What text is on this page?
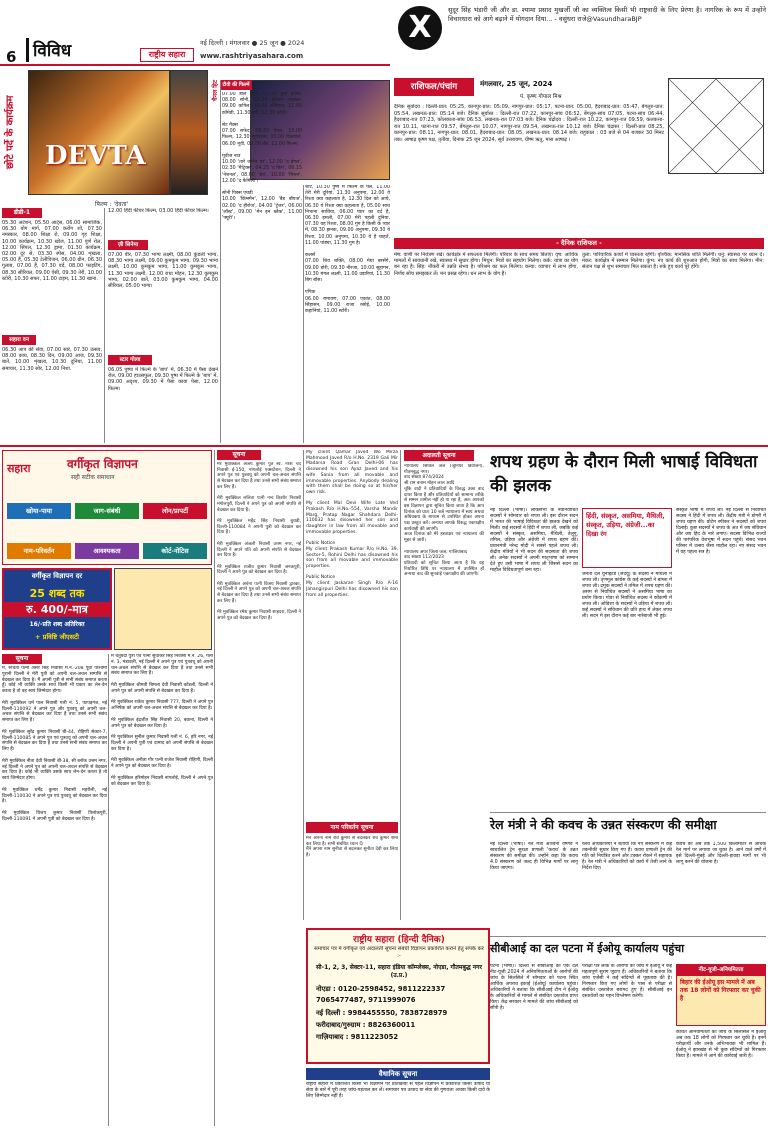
6 विविध	नई दिल्ली । मंगलवार ● 25 जून ● 2024
राष्ट्रीय सहारा	www.rashtriyasahara.com
X	सुदूर सिंह भंडारी जी और डा. श्यामा प्रसाद मुखर्जी जी का व्यक्तित्व किसी भी राष्ट्रवादी के लिए प्रेरणा है। नागरिक के रूप में उन्होंने विचारधारा को आगे बढ़ाने में योगदान दिया... - वसुंधरा राजे@VasundharaBJP
छोटे पर्दे के कार्यक्रम	DEVTA
फिल्म : 'देवता'
चैनल हिट टीवी की फिल्में
डीडी-1
05.30 अटेंशन, 05.50 आर्ट्स, 06.00 सामाजिक, 06.30 योग मार्ग, 07.00 करोंग शो, 07.30 नमस्कार, 08.00 शिक्षा रो, 09.00 गृह शिक्षा, 10.00 कार्यक्रम, 10.30 खोज, 11.00 पूर्ण रोल, 12.00 सिंपल, 12.30 ड्रामा, 01.30 कार्यक्रम, 02.00 दूर से, 03.30 स्पेस, 04.00 शृंखला, 05.00 हैं, 05.30 टेलीविजन, 06.00 ग्रीन, 06.30 गुलाब, 07.00 हैं, 07.30 वर्ड, 08.00 फाइटिंग, 08.30 सीरियल, 09.00 ऐसी, 09.30 तेरी, 10.00 स्टोरी, 10.30 सफर, 11.00 टाइम, 11.30 खाना.
सहारा वन
06.30 आप की सेवा, 07.00 सारे, 07.30 उत्सव, 08.00 काय, 08.30 दिन, 09.00 आज, 09.30 बातें, 10.00 शृंखला, 10.30 दुनिया, 11.00 समाचार, 11.30 सोर, 12.00 निशा.
12.00 हिंदी फीचर फिल्म, 03.00 हिंदी फीचर फिल्म।
ज़ी सिनेमा
07.00 वीर, 07.30 भाग्य लक्ष्मी, 08.00 कुंडली भाग्य, 08.30 भाग्य लक्ष्मी, 09.00 कुमकुम भाग्य, 09.30 भाग्य लक्ष्मी, 10.00 कुमकुम भाग्य, 11.00 कुमकुम भाग्य, 11.30 भाग्य लक्ष्मी, 12.00 राधा मोहन, 12.30 कुमकुम भाग्य, 02.00 बातें, 03.00 कुमकुम भाग्य, 04.00 सीरियल, 05.00 भाग्य।
स्टार गोल्ड
06.05 पुष्पा में फिल्मे के 'बाप' में, 06.30 में पैसा देखने रोल, 09.00 हाउसफुल, 09.30 पुष्प में फिल्मे के 'बाप' में, 09.00 अदृश्य, 09.30 में पैसा काया पेसा, 12.00 फिल्म।
07.00 डील सेलर, 07.30 फुल हाउस, 08.00 सोनी, 08.30 इंडियन आइडल, 09.00 कपिल, 10.00 सीरियल, 11.00 कॉमेडी, 11.30 बड़ी, 12.30 स्टोरी।

सेट मैक्स
07.00 सफेद, 09.30 चैनल, 10.00 फिल्म, 12.30 सूर्यवंशम, 03.00 दिलवाले, 06.00 मूवी, 09.00 वीर, 12.00 फिल्म।

मूवीज नाउ
10.00 'तारे जमीन पर', 12.00 'द ईगल', 02.30 'मैट्रिक्स', 04.25 'द किंग', 06.15 'नेशनल', 08.00 'डेथ', 10.00 'मिशन', 12.00 'द फैमिली'।

सोनी पिक्स एचडी
10.00 'किंग्स्मैन', 12.00 'बैड बॉयज', 02.00 'द हीरोज', 04.00 'ट्रेजर', 06.00 'लॉस्ट', 09.00 'मेन इन ब्लैक', 11.00 'फ्यूरी'।
शॉर्ट, 10.30 पुष्प में फिल्मे के पल, 11.00 तेरी मेरी दूरियां, 11.30 अनुपमा, 12.00 ये रिश्ता क्या कहलाता है, 12.30 दिल को आये, 06.30 ये रिश्ता क्या कहलाता है, 05.00 साथ निभाना साथिया, 06.00 प्यार का दर्द है, 06.30 इमली, 07.00 मेरी पहली दुनिया, 07.30 यह रिश्ता, 08.00 गुम है किसी के प्यार में, 08.30 झनक, 09.00 अनुपमा, 09.30 ये रिश्ता, 10.00 अनुपमा, 10.30 ये है चाहतें, 11.00 पांड्या, 11.30 गुम है।

कलर्स
07.00 शिव शक्ति, 08.00 मेघा बरसेंगे, 09.00 डोरी, 09.30 नीरजा, 10.00 सुहागन, 10.30 मंगल लक्ष्मी, 11.00 उड़ारियां, 11.30 बिग बॉस।

एपिक
06.00 रामायण, 07.00 एकांत, 08.00 सिंहासन, 09.00 राजा रसोई, 10.00 कहानियां, 11.00 स्टोरी।
राशिफल/पंचांग	मंगलवार, 25 जून, 2024
पं. कृष्ण गोपाल मिश्र
दैनिक सूर्योदय : दिल्ली-प्रात: 05:25, कानपुर-प्रात: 05:09, नागपुर-प्रात: 05:17, पटना-प्रात: 05:00, हैदराबाद-प्रात: 05:47, बेंगलुरु-प्रात: 05:54, लखनऊ-प्रात: 05:14 बजे। दैनिक सूर्यास्त : दिल्ली-रात 07:22, कानपुर-सांय 06:52, बेंगलुरु-सांय 07:05, पटना-सांय 06:44, हैदराबाद-रात 07:23, कोलकाता-सांय 06:53, लखनऊ-रात 07:03 बजे। दैनिक चंद्रोदय : दिल्ली-रात 10.22, कानपुर-रात 09.59, कलकत्ता-रात 10.11, पटना-रात 09.57, बेंगलुरु-रात 10.07, नागपुर-रात 09.54, लखनऊ-रात 10.12 बजे। दैनिक चंद्रास्त : दिल्ली-प्रात 08.25, कानपुर-प्रात: 08.11, नागपुर-प्रात: 08.01, हैदराबाद-प्रात: 08.05, लखनऊ-प्रात: 08.14 बजे। राहुकाल : 03 बजे से 04 बजकर 30 मिनट तक। आषाढ़ कृष्ण पक्ष, तृतीया, दिनांक 25 जून 2024, सूर्य उत्तरायण, ग्रीष्म ऋतु, मास आषाढ़ ।
- दैनिक राशिफल -
मेष: वाणी पर नियंत्रण रखें। कार्यक्षेत्र में सफलता मिलेगी। परिवार के साथ समय बिताएं। वृष: आर्थिक मामलों में सावधानी रखें, स्वास्थ्य में सुधार होगा। मिथुन: मित्रों का सहयोग मिलेगा। कर्क: यात्रा का योग बन रहा है। सिंह: नौकरी में उन्नति संभव है। परिश्रम का फल मिलेगा। कन्या: व्यापार में लाभ होगा, निर्णय सोच समझकर लें। मन प्रसन्न रहेगा। धन लाभ के योग हैं।
तुला: पारिवारिक कार्यों में व्यस्तता रहेगी। वृश्चिक: मानसिक शांति मिलेगी। धनु: स्वास्थ्य पर ध्यान दें। मकर: कार्यक्षेत्र में सम्मान मिलेगा। कुंभ: नए कार्य की शुरुआत होगी, मित्रों का साथ मिलेगा। मीन: संतान पक्ष से शुभ समाचार मिल सकता है। रुके हुए कार्य पूरे होंगे।
वर्गीकृत विज्ञापन
सहारा
सही सटीक समाधान
खोया-पाया	जाग-संबंधी	लोन/प्रापर्टी
नाम-परिवर्तन	आवश्यकता	कोर्ट-नोटिस
वर्गीकृत विज्ञापन दर
25 शब्द तक
रु. 400/-मात्र
16/-प्रति शब्द अतिरिक्त
+ प्रविष्टि जीएसटी
सूचना
में, रुचिता पत्नी असर सिंह निवासी म.नं.-208 पूर्वी पश्चिमी पुरानी दिल्ली ने मेरी पुत्री को अपनी चल-अचल सम्पत्ति से बेदखल कर दिया है। मैं अपनी पुत्री से सभी संबंध समाप्त करता हूँ। कोई भी व्यक्ति उसके साथ किसी भी प्रकार का लेन-देन करता है तो वह स्वयं जिम्मेदार होगा।

मेरी मुवक्किल धर्म पाल निवासी गली नं. 5, पटपड़गंज, नई दिल्ली-110092 ने अपने पुत्र और पुत्रवधू को अपनी चल-अचल संपत्ति से बेदखल कर दिया है तथा उनसे सभी संबंध समाप्त कर लिए हैं।

मेरे मुवक्किल सुरेंद्र कुमार निवासी बी-44, रोहिणी सेक्टर-7, दिल्ली-110085 ने अपने पुत्र एवं पुत्रवधू को अपनी चल-अचल संपत्ति से बेदखल कर दिया है तथा उनसे सभी संबंध समाप्त कर लिए हैं।

मेरी मुवक्किल नीता देवी निवासी बी-38, सी ब्लॉक उत्तम नगर, नई दिल्ली ने अपने पुत्र को अपनी चल-अचल संपत्ति से बेदखल कर दिया है। कोई भी व्यक्ति उसके साथ लेन-देन करता है तो स्वयं जिम्मेदार होगा।

मेरे मुवक्किल धर्मेंद्र कुमार निवासी महरौली, नई दिल्ली-110030 ने अपने पुत्र एवं पुत्रवधू को बेदखल कर दिया है।

मेरे मुवक्किल विजय कुमार निवासी त्रिलोकपुरी, दिल्ली-110091 ने अपनी पुत्री को बेदखल कर दिया है।
मैं चतुर्वेदी पुत्री एवं पत्नी सुधाकर सिंह निवासी मं.नं. 26, गली नं. 3, मंडावली, नई दिल्ली ने अपने पुत्र एवं पुत्रवधू को अपनी चल-अचल संपत्ति से बेदखल कर दिया है तथा उनसे सभी संबंध समाप्त कर लिए हैं।

मेरी मुवक्किल श्रीमती बिमला देवी निवासी कोंडली, दिल्ली ने अपने पुत्र को अपनी संपत्ति से बेदखल कर दिया है।

मेरे मुवक्किल राकेश कुमार निवासी 777, दिल्ली ने अपने पुत्र अभिषेक को अपनी चल-अचल संपत्ति से बेदखल कर दिया है।

मेरे मुवक्किल इंद्रजीत सिंह निवासी 20, बवाना, दिल्ली ने अपने पुत्र को बेदखल कर दिया है।

मेरे मुवक्किल सुनील कुमार निवासी गली नं. 6, हरि नगर, नई दिल्ली ने अपनी पुत्री एवं दामाद को अपनी संपत्ति से बेदखल कर दिया है।

मेरी मुवक्किल अनीता गौर पत्नी राजेश निवासी रोहिणी, दिल्ली ने अपने पुत्र को बेदखल कर दिया है।

मेरे मुवक्किल हरिमोहन निवासी नांगलोई, दिल्ली ने अपने पुत्र को बेदखल कर दिया है।
सूचना
मेरे मुवक्किल अजय कुमार पुत्र स्व. नरेश चंद निवासी ई-150, नांगलोई एक्सटेंशन, दिल्ली ने अपने पुत्र एवं पुत्रवधू को अपनी चल-अचल संपत्ति से बेदखल कर दिया है तथा उनसे सभी संबंध समाप्त कर लिए हैं।

मेरी मुवक्किल ललिता पत्नी नन्द किशोर निवासी मंगोलपुरी, दिल्ली ने अपने पुत्र को अपनी संपत्ति से बेदखल कर दिया है।

मेरे मुवक्किल महेंद्र सिंह निवासी बुराड़ी, दिल्ली-110084 ने अपनी पुत्री को बेदखल कर दिया है।

मेरी मुवक्किल अंजली निवासी उत्तम नगर, नई दिल्ली ने अपने पति को अपनी संपत्ति से बेदखल कर दिया है।

मेरे मुवक्किल राजीव कुमार निवासी जनकपुरी, दिल्ली ने अपने पुत्र को बेदखल कर दिया है।

मेरी मुवक्किल अर्चना पत्नी विजय निवासी द्वारका, नई दिल्ली ने अपने पुत्र को अपनी चल-अचल संपत्ति से बेदखल कर दिया है तथा उनसे सभी संबंध समाप्त कर लिए हैं।

मेरे मुवक्किल रमेश कुमार निवासी शाहदरा, दिल्ली ने अपने पुत्र को बेदखल कर दिया है।
My client Qamar Javed Wo Mirza Mahmood Javed R/o H.No. 2319 Gali Mir Madarsa Road Gran Delhi-06 has disowned his son Ayaz Javed and his wife Sania from all movable and immovable properties. Anybody dealing with them shall be doing so at his/her own risk.

My client Mal Devi Wife Late Ved Prakash R/o H.No.-554, Varsha Mandir Marg, Pratap Nagar Shahdara Delhi-110032 has disowned her son and daughter in law from all movable and immovable properties.

Public Notice
My client Prakash Kumar R/o H.No. 39, Sector-5, Rohini Delhi has disowned his son from all movable and immovable properties.

Public Notice
My client Jaskaran Singh R/o A-16 Jahangirpuri Delhi has disowned his son from all properties.
नाम परिवर्तन सूचना
मैंने अपना नाम रवि कुमार से बदलकर रवि कुमार शर्मा कर लिया है। सभी संबंधित ध्यान दें।
मैंने अपना नाम सुनीता से बदलकर सुनीता देवी कर लिया है।
अदालती सूचना
न्यायालय सिविल जज (जूनियर डिवीजन), गौतमबुद्ध नगर।
वाद संख्या 874/2024
श्री राम बनाम मोहन लाल आदि
चूंकि वादी ने प्रतिवादियों के विरुद्ध उक्त वाद दायर किया है और प्रतिवादियों को सामान्य तरीके से सम्मन तामील नहीं हो पा रहा है, अतः आपको इस विज्ञापन द्वारा सूचित किया जाता है कि आप दिनांक को प्रातः 10 बजे न्यायालय में स्वयं अथवा अधिवक्ता के माध्यम से उपस्थित होकर अपना पक्ष प्रस्तुत करें। अन्यथा आपके विरुद्ध एकपक्षीय कार्यवाही की जाएगी।
आज दिनांक को मेरे हस्ताक्षर एवं न्यायालय की मुहर से जारी।

न्यायालय अपर जिला जज, गाजियाबाद
वाद संख्या 112/2023
प्रतिवादी को सूचित किया जाता है कि वह निर्धारित तिथि पर न्यायालय में उपस्थित हों अन्यथा वाद की सुनवाई एकपक्षीय की जाएगी।
राष्ट्रीय सहारा (हिन्दी दैनिक)
समाचार पत्र में वर्गीकृत एवं अदालती सूचना संबंधी विज्ञापन प्रकाशित कराने हेतु संपर्क करें :-
सी-1, 2, 3, सेक्टर-11, सहारा इंडिया कॉम्प्लेक्स, नोएडा, गौतमबुद्ध नगर (उ.प्र.)
नोएडा : 0120-2598452, 9811222337
7065477487, 9711999076
नई दिल्ली : 9984455550, 7838728979
फरीदाबाद/गुरुग्राम : 8826360011
गाज़ियाबाद : 9811223052
वैधानिक सूचना
राष्ट्रीय सहारा में प्रकाशित किसी भी विज्ञापन पर प्रतिक्रिया से पहले विज्ञापन में प्रकाशित किसी उत्पाद या सेवा के बारे में पूरी तरह जांच-पड़ताल कर लें। समाचार पत्र उत्पाद या सेवा की गुणवत्ता अथवा किसी दावे के लिए जिम्मेदार नहीं है।
शपथ ग्रहण के दौरान मिली भाषाई विविधता की झलक
नई दिल्ली (भाषा)। लोकसभा के नवनिर्वाचित सदस्यों ने सोमवार को शपथ ली। इस दौरान सदन में भारत की भाषाई विविधता की झलक देखने को मिली। कई सदस्यों ने हिंदी में शपथ ली, जबकि कई सदस्यों ने संस्कृत, असमिया, मैथिली, तेलुगु, तमिल, उड़िया और अंग्रेजी में शपथ ग्रहण की। प्रधानमंत्री नरेन्द्र मोदी ने सबसे पहले शपथ ली। केंद्रीय मंत्रियों ने भी सदन की सदस्यता की शपथ ली। अनेक सदस्यों ने अपनी मातृभाषा को सम्मान देते हुए उसी भाषा में शपथ ली जिससे सदन का माहौल विविधतापूर्ण बना रहा।
हिंदी, संस्कृत, असमिया, मैथिली, संस्कृत, उड़िया, अंग्रेजी...का दिखा रंग
जनता दल युनाइटेड (जदयू) के सदस्य ने मैथिली में शपथ ली। तृणमूल कांग्रेस के कई सदस्यों ने बांग्ला में शपथ ली। द्रमुक सदस्यों ने तमिल में शपथ ग्रहण की। असम से निर्वाचित सदस्यों ने असमिया भाषा का प्रयोग किया। गोवा से निर्वाचित सदस्य ने कोंकणी में शपथ ली। ओडिशा के सदस्यों ने उड़िया में शपथ ली। कई सदस्यों ने संविधान की प्रति हाथ में लेकर शपथ ली। सदन में इस दौरान कई बार नारेबाजी भी हुई।
संस्कृत भाषा में शपथ ली। नई दिल्ली से निर्वाचित सदस्य ने हिंदी में शपथ ली। केंद्रीय मंत्री ने डोगरी में शपथ ग्रहण की। प्रोटेम स्पीकर ने सदस्यों को शपथ दिलाई। कुछ सदस्यों ने शपथ के अंत में जय संविधान और जय हिंद के नारे लगाए। सदस्य विभिन्न राज्यों की पारंपरिक वेशभूषा में सदन पहुंचे। संसद भवन परिसर में उत्सव जैसा माहौल रहा। नए संसद भवन में यह पहला सत्र है।
रेल मंत्री ने की कवच के उन्नत संस्करण की समीक्षा
नई दिल्ली (भाषा)। रेल मंत्री अश्विनी वैष्णव ने स्वचालित ट्रेन सुरक्षा प्रणाली 'कवच' के उन्नत संस्करण की समीक्षा की। उन्होंने कहा कि कवच 4.0 संस्करण को जल्द ही विभिन्न मार्गों पर लागू किया जाएगा।
रेलवे अधिकारियों ने बताया कि नए संस्करण में कई तकनीकी सुधार किए गए हैं। कवच प्रणाली ट्रेन की गति को नियंत्रित करने और टक्कर रोकने में सहायक है। रेल मंत्री ने अधिकारियों को कार्य में तेजी लाने के निर्देश दिए।
कवच को अब तक 1,500 किलोमीटर से अधिक रेल मार्ग पर लगाया जा चुका है। आने वाले वर्षों में इसे दिल्ली-मुंबई और दिल्ली-हावड़ा मार्गों पर भी लागू करने की योजना है।
सीबीआई का दल पटना में ईओयू कार्यालय पहुंचा
पटना (भाषा)। दिल्ली से सीबीआई का एक दल नीट-यूजी 2024 में अनियमितताओं के आरोपों की जांच के सिलसिले में सोमवार को पटना स्थित आर्थिक अपराध इकाई (ईओयू) कार्यालय पहुंचा। अधिकारियों ने बताया कि सीबीआई टीम ने ईओयू के अधिकारियों से मामले से संबंधित दस्तावेज प्राप्त किए। केंद्र सरकार ने मामले की जांच सीबीआई को सौंपी है।
परीक्षा पत्र लीक के आरोपों की जांच में ईओयू ने कई महत्वपूर्ण सुराग जुटाए हैं। अधिकारियों ने बताया कि जांच एजेंसी ने कई संदिग्धों से पूछताछ की है। गिरफ्तार किए गए लोगों के पास से परीक्षा से संबंधित दस्तावेज बरामद हुए हैं। सीबीआई इन दस्तावेजों का गहन विश्लेषण करेगी।
नीट-यूजी-अनियमितता
बिहार की ईओयू इस मामले में अब तक 18 लोगों को गिरफ्तार कर चुकी है
कथित अनियमितता की जांच के सिलसिले में ईओयू अब तक 18 लोगों को गिरफ्तार कर चुकी है। इनमें परीक्षार्थी और उनके अभिभावक भी शामिल हैं। ईओयू ने झारखंड से भी कुछ संदिग्धों को गिरफ्तार किया है। मामले में आगे की कार्रवाई जारी है।
